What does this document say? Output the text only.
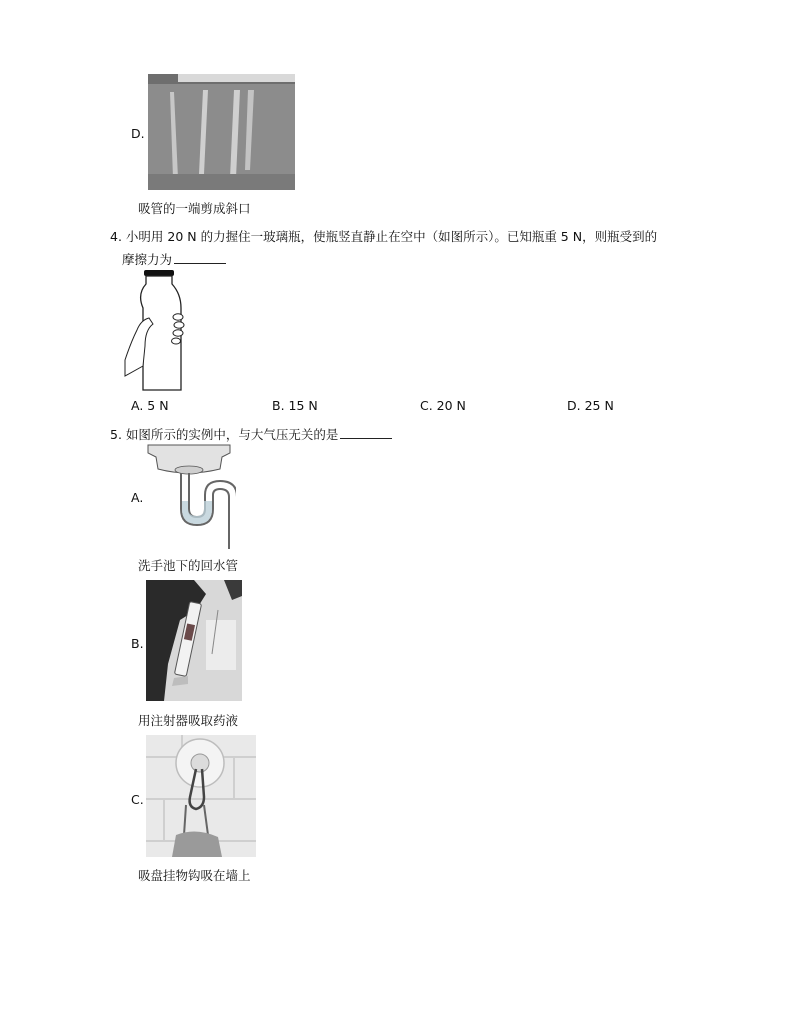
D.
吸管的一端剪成斜口
4. 小明用 20 N 的力握住一玻璃瓶，使瓶竖直静止在空中（如图所示）。已知瓶重 5 N，则瓶受到的
摩擦力为
A. 5 N	B. 15 N	C. 20 N	D. 25 N
5. 如图所示的实例中，与大气压无关的是
A.
洗手池下的回水管
B.
用注射器吸取药液
C.
吸盘挂物钩吸在墙上
